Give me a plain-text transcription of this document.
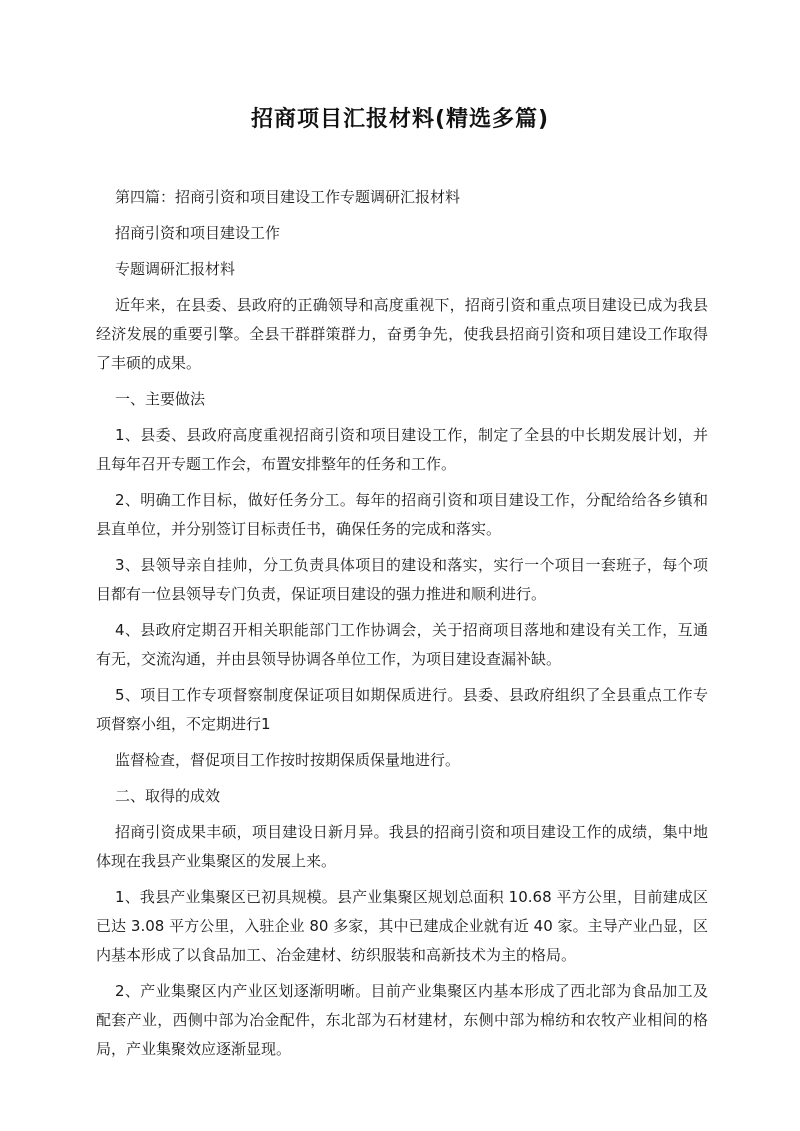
招商项目汇报材料(精选多篇)

第四篇：招商引资和项目建设工作专题调研汇报材料

招商引资和项目建设工作

专题调研汇报材料

近年来，在县委、县政府的正确领导和高度重视下，招商引资和重点项目建设已成为我县经济发展的重要引擎。全县干群群策群力，奋勇争先，使我县招商引资和项目建设工作取得了丰硕的成果。

一、主要做法

1、县委、县政府高度重视招商引资和项目建设工作，制定了全县的中长期发展计划，并且每年召开专题工作会，布置安排整年的任务和工作。

2、明确工作目标，做好任务分工。每年的招商引资和项目建设工作，分配给给各乡镇和县直单位，并分别签订目标责任书，确保任务的完成和落实。

3、县领导亲自挂帅，分工负责具体项目的建设和落实，实行一个项目一套班子，每个项目都有一位县领导专门负责，保证项目建设的强力推进和顺利进行。

4、县政府定期召开相关职能部门工作协调会，关于招商项目落地和建设有关工作，互通有无，交流沟通，并由县领导协调各单位工作，为项目建设查漏补缺。

5、项目工作专项督察制度保证项目如期保质进行。县委、县政府组织了全县重点工作专项督察小组，不定期进行1

监督检查，督促项目工作按时按期保质保量地进行。

二、取得的成效

招商引资成果丰硕，项目建设日新月异。我县的招商引资和项目建设工作的成绩，集中地体现在我县产业集聚区的发展上来。

1、我县产业集聚区已初具规模。县产业集聚区规划总面积 10.68 平方公里，目前建成区已达 3.08 平方公里，入驻企业 80 多家，其中已建成企业就有近 40 家。主导产业凸显，区内基本形成了以食品加工、冶金建材、纺织服装和高新技术为主的格局。

2、产业集聚区内产业区划逐渐明晰。目前产业集聚区内基本形成了西北部为食品加工及配套产业，西侧中部为冶金配件，东北部为石材建材，东侧中部为棉纺和农牧产业相间的格局，产业集聚效应逐渐显现。
